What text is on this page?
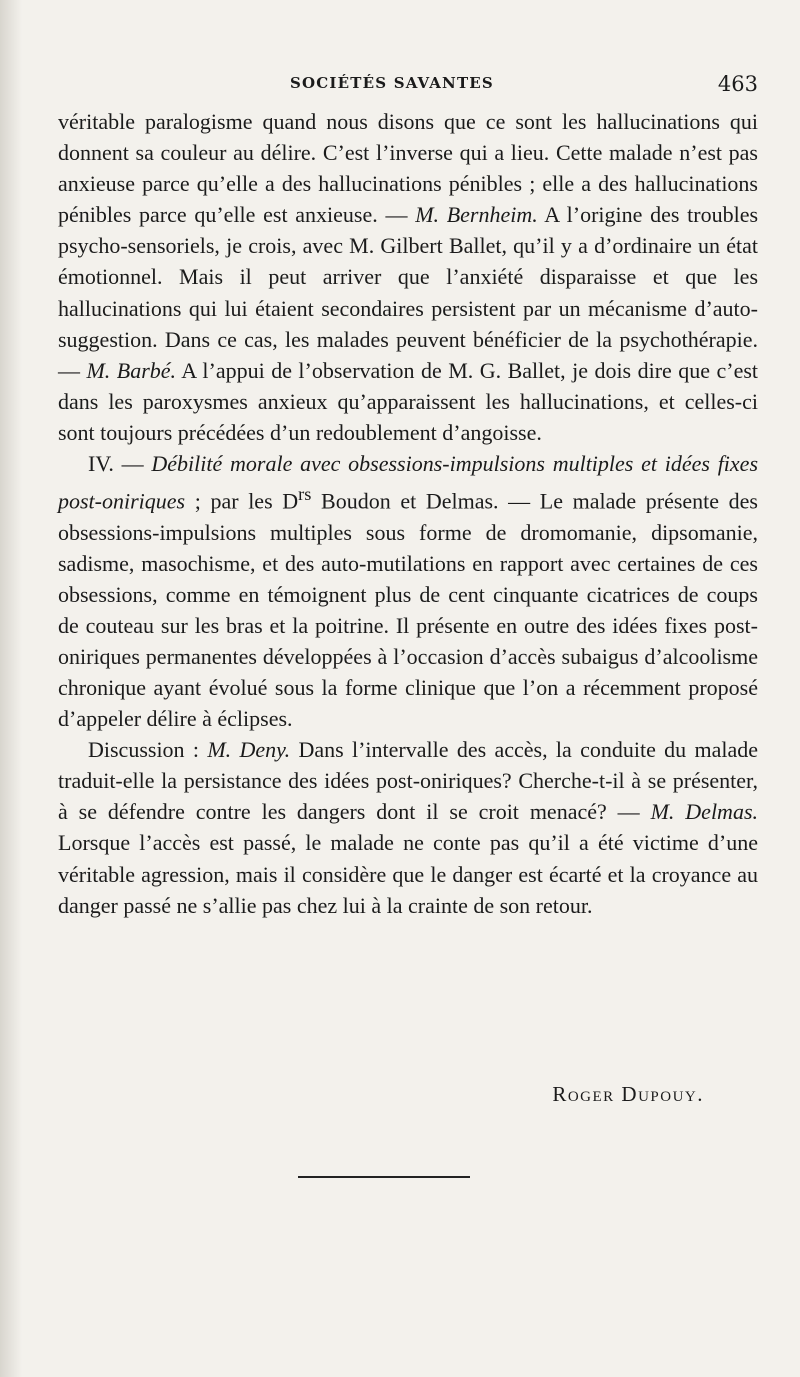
SOCIÉTÉS SAVANTES	463

véritable paralogisme quand nous disons que ce sont les hallucinations qui donnent sa couleur au délire. C’est l’inverse qui a lieu. Cette malade n’est pas anxieuse parce qu’elle a des hallucinations pénibles ; elle a des hallucinations pénibles parce qu’elle est anxieuse. — M. Bernheim. A l’origine des troubles psycho-sensoriels, je crois, avec M. Gilbert Ballet, qu’il y a d’ordinaire un état émotionnel. Mais il peut arriver que l’anxiété disparaisse et que les hallucinations qui lui étaient secondaires persistent par un mécanisme d’auto-suggestion. Dans ce cas, les malades peuvent bénéficier de la psychothérapie. — M. Barbé. A l’appui de l’observation de M. G. Ballet, je dois dire que c’est dans les paroxysmes anxieux qu’apparaissent les hallucinations, et celles-ci sont toujours précédées d’un redoublement d’angoisse.

IV. — Débilité morale avec obsessions-impulsions multiples et idées fixes post-oniriques ; par les $D^{rs}$ Boudon et Delmas. — Le malade présente des obsessions-impulsions multiples sous forme de dromomanie, dipsomanie, sadisme, masochisme, et des auto-mutilations en rapport avec certaines de ces obsessions, comme en témoignent plus de cent cinquante cicatrices de coups de couteau sur les bras et la poitrine. Il présente en outre des idées fixes post-oniriques permanentes développées à l’occasion d’accès subaigus d’alcoolisme chronique ayant évolué sous la forme clinique que l’on a récemment proposé d’appeler délire à éclipses.

Discussion : M. Deny. Dans l’intervalle des accès, la conduite du malade traduit-elle la persistance des idées post-oniriques? Cherche-t-il à se présenter, à se défendre contre les dangers dont il se croit menacé? — M. Delmas. Lorsque l’accès est passé, le malade ne conte pas qu’il a été victime d’une véritable agression, mais il considère que le danger est écarté et la croyance au danger passé ne s’allie pas chez lui à la crainte de son retour.

Roger Dupouy.
